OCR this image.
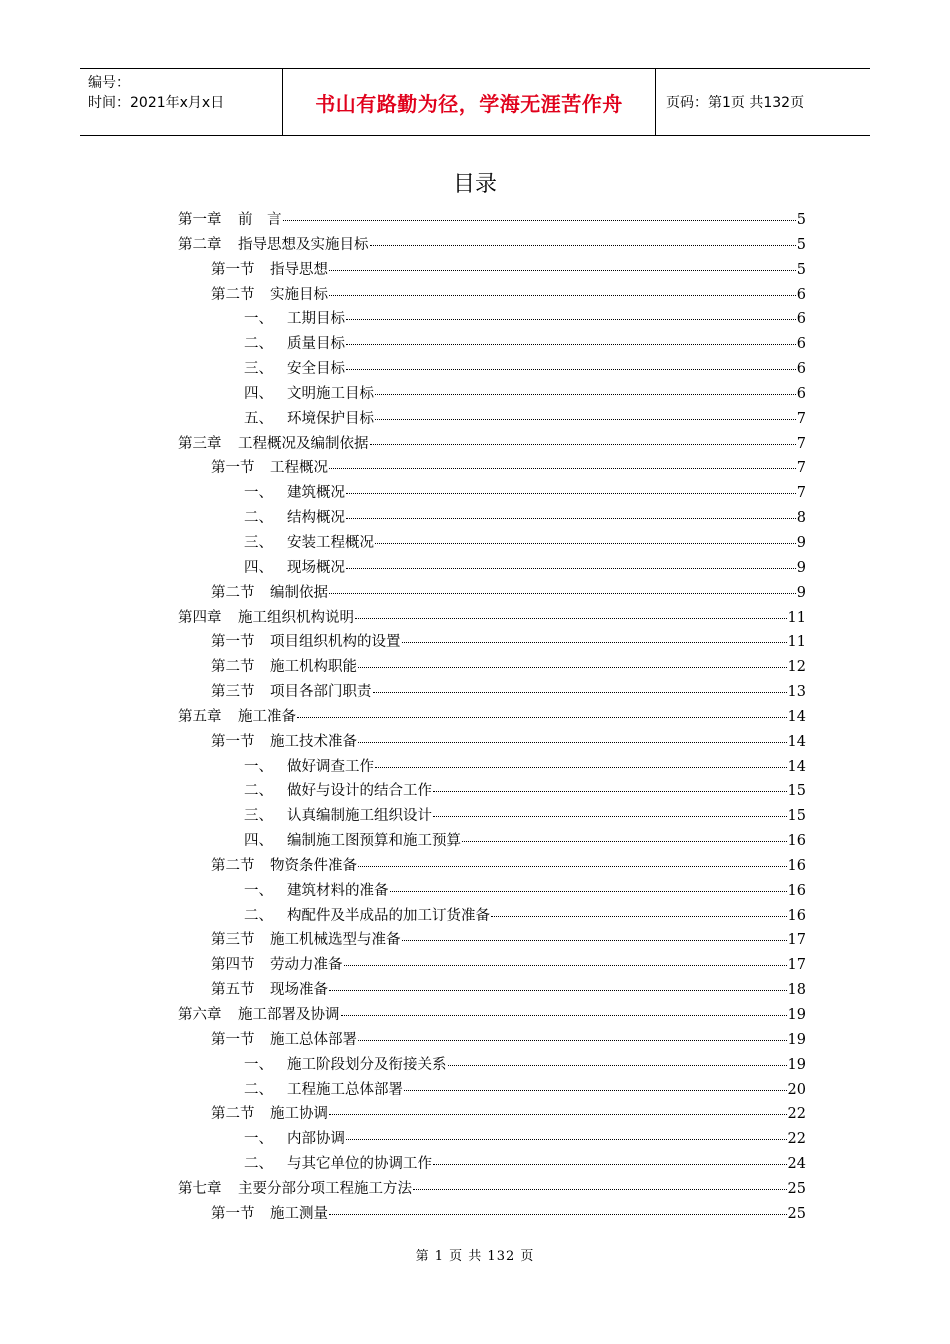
编号：
时间：2021年x月x日	书山有路勤为径，学海无涯苦作舟	页码：第1页 共132页
目录
第一章	前　言	5
第二章	指导思想及实施目标	5
第一节	指导思想	5
第二节	实施目标	6
一、 工期目标	6
二、 质量目标	6
三、 安全目标	6
四、 文明施工目标	6
五、 环境保护目标	7
第三章	工程概况及编制依据	7
第一节	工程概况	7
一、 建筑概况	7
二、 结构概况	8
三、 安装工程概况	9
四、 现场概况	9
第二节	编制依据	9
第四章	施工组织机构说明	11
第一节	项目组织机构的设置	11
第二节	施工机构职能	12
第三节	项目各部门职责	13
第五章	施工准备	14
第一节	施工技术准备	14
一、 做好调查工作	14
二、 做好与设计的结合工作	15
三、 认真编制施工组织设计	15
四、 编制施工图预算和施工预算	16
第二节	物资条件准备	16
一、 建筑材料的准备	16
二、 构配件及半成品的加工订货准备	16
第三节	施工机械选型与准备	17
第四节	劳动力准备	17
第五节	现场准备	18
第六章	施工部署及协调	19
第一节	施工总体部署	19
一、 施工阶段划分及衔接关系	19
二、 工程施工总体部署	20
第二节	施工协调	22
一、 内部协调	22
二、 与其它单位的协调工作	24
第七章	主要分部分项工程施工方法	25
第一节	施工测量	25
第 1 页 共 132 页
